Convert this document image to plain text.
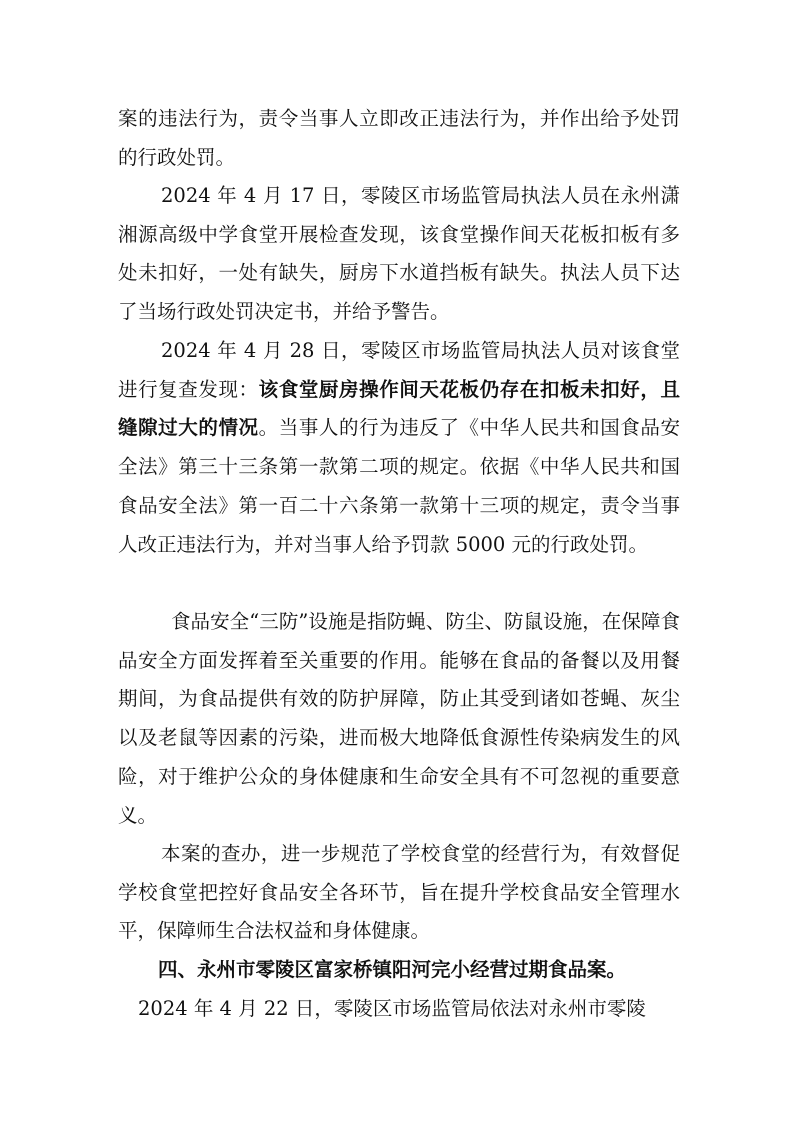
案的违法行为，责令当事人立即改正违法行为，并作出给予处罚的行政处罚。

2024 年 4 月 17 日，零陵区市场监管局执法人员在永州潇湘源高级中学食堂开展检查发现，该食堂操作间天花板扣板有多处未扣好，一处有缺失，厨房下水道挡板有缺失。执法人员下达了当场行政处罚决定书，并给予警告。

2024 年 4 月 28 日，零陵区市场监管局执法人员对该食堂进行复查发现：该食堂厨房操作间天花板仍存在扣板未扣好，且缝隙过大的情况。当事人的行为违反了《中华人民共和国食品安全法》第三十三条第一款第二项的规定。依据《中华人民共和国食品安全法》第一百二十六条第一款第十三项的规定，责令当事人改正违法行为，并对当事人给予罚款 5000 元的行政处罚。

食品安全“三防”设施是指防蝇、防尘、防鼠设施，在保障食品安全方面发挥着至关重要的作用。能够在食品的备餐以及用餐期间，为食品提供有效的防护屏障，防止其受到诸如苍蝇、灰尘以及老鼠等因素的污染，进而极大地降低食源性传染病发生的风险，对于维护公众的身体健康和生命安全具有不可忽视的重要意义。

本案的查办，进一步规范了学校食堂的经营行为，有效督促学校食堂把控好食品安全各环节，旨在提升学校食品安全管理水平，保障师生合法权益和身体健康。

四、永州市零陵区富家桥镇阳河完小经营过期食品案。

2024 年 4 月 22 日，零陵区市场监管局依法对永州市零陵
